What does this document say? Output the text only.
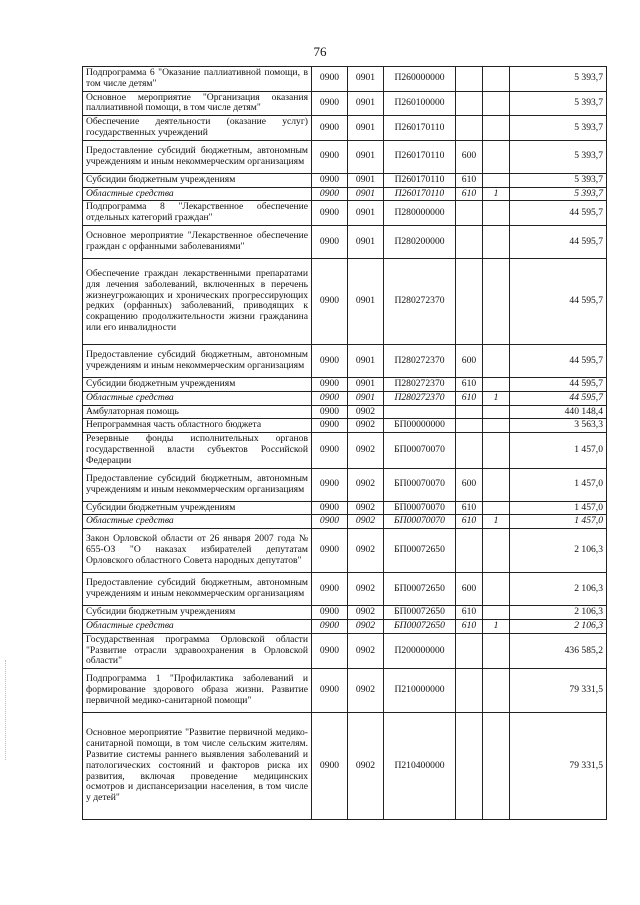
76
Подпрограмма 6 "Оказание паллиативной помощи, в том числе детям"	0900	0901	П260000000			5 393,7
Основное мероприятие "Организация оказания паллиативной помощи, в том числе детям"	0900	0901	П260100000			5 393,7
Обеспечение деятельности (оказание услуг) государственных учреждений	0900	0901	П260170110			5 393,7
Предоставление субсидий бюджетным, автономным учреждениям и иным некоммерческим организациям	0900	0901	П260170110	600		5 393,7
Субсидии бюджетным учреждениям	0900	0901	П260170110	610		5 393,7
Областные средства	0900	0901	П260170110	610	1	5 393,7
Подпрограмма 8 "Лекарственное обеспечение отдельных категорий граждан"	0900	0901	П280000000			44 595,7
Основное мероприятие "Лекарственное обеспечение граждан с орфанными заболеваниями"	0900	0901	П280200000			44 595,7
Обеспечение граждан лекарственными препаратами для лечения заболеваний, включенных в перечень жизнеугрожающих и хронических прогрессирующих редких (орфанных) заболеваний, приводящих к сокращению продолжительности жизни гражданина или его инвалидности	0900	0901	П280272370			44 595,7
Предоставление субсидий бюджетным, автономным учреждениям и иным некоммерческим организациям	0900	0901	П280272370	600		44 595,7
Субсидии бюджетным учреждениям	0900	0901	П280272370	610		44 595,7
Областные средства	0900	0901	П280272370	610	1	44 595,7
Амбулаторная помощь	0900	0902				440 148,4
Непрограммная часть областного бюджета	0900	0902	БП00000000			3 563,3
Резервные фонды исполнительных органов государственной власти субъектов Российской Федерации	0900	0902	БП00070070			1 457,0
Предоставление субсидий бюджетным, автономным учреждениям и иным некоммерческим организациям	0900	0902	БП00070070	600		1 457,0
Субсидии бюджетным учреждениям	0900	0902	БП00070070	610		1 457,0
Областные средства	0900	0902	БП00070070	610	1	1 457,0
Закон Орловской области от 26 января 2007 года № 655-ОЗ "О наказах избирателей депутатам Орловского областного Совета народных депутатов"	0900	0902	БП00072650			2 106,3
Предоставление субсидий бюджетным, автономным учреждениям и иным некоммерческим организациям	0900	0902	БП00072650	600		2 106,3
Субсидии бюджетным учреждениям	0900	0902	БП00072650	610		2 106,3
Областные средства	0900	0902	БП00072650	610	1	2 106,3
Государственная программа Орловской области "Развитие отрасли здравоохранения в Орловской области"	0900	0902	П200000000			436 585,2
Подпрограмма 1 "Профилактика заболеваний и формирование здорового образа жизни. Развитие первичной медико-санитарной помощи"	0900	0902	П210000000			79 331,5
Основное мероприятие "Развитие первичной медико-санитарной помощи, в том числе сельским жителям. Развитие системы раннего выявления заболеваний и патологических состояний и факторов риска их развития, включая проведение медицинских осмотров и диспансеризации населения, в том числе у детей"	0900	0902	П210400000			79 331,5
